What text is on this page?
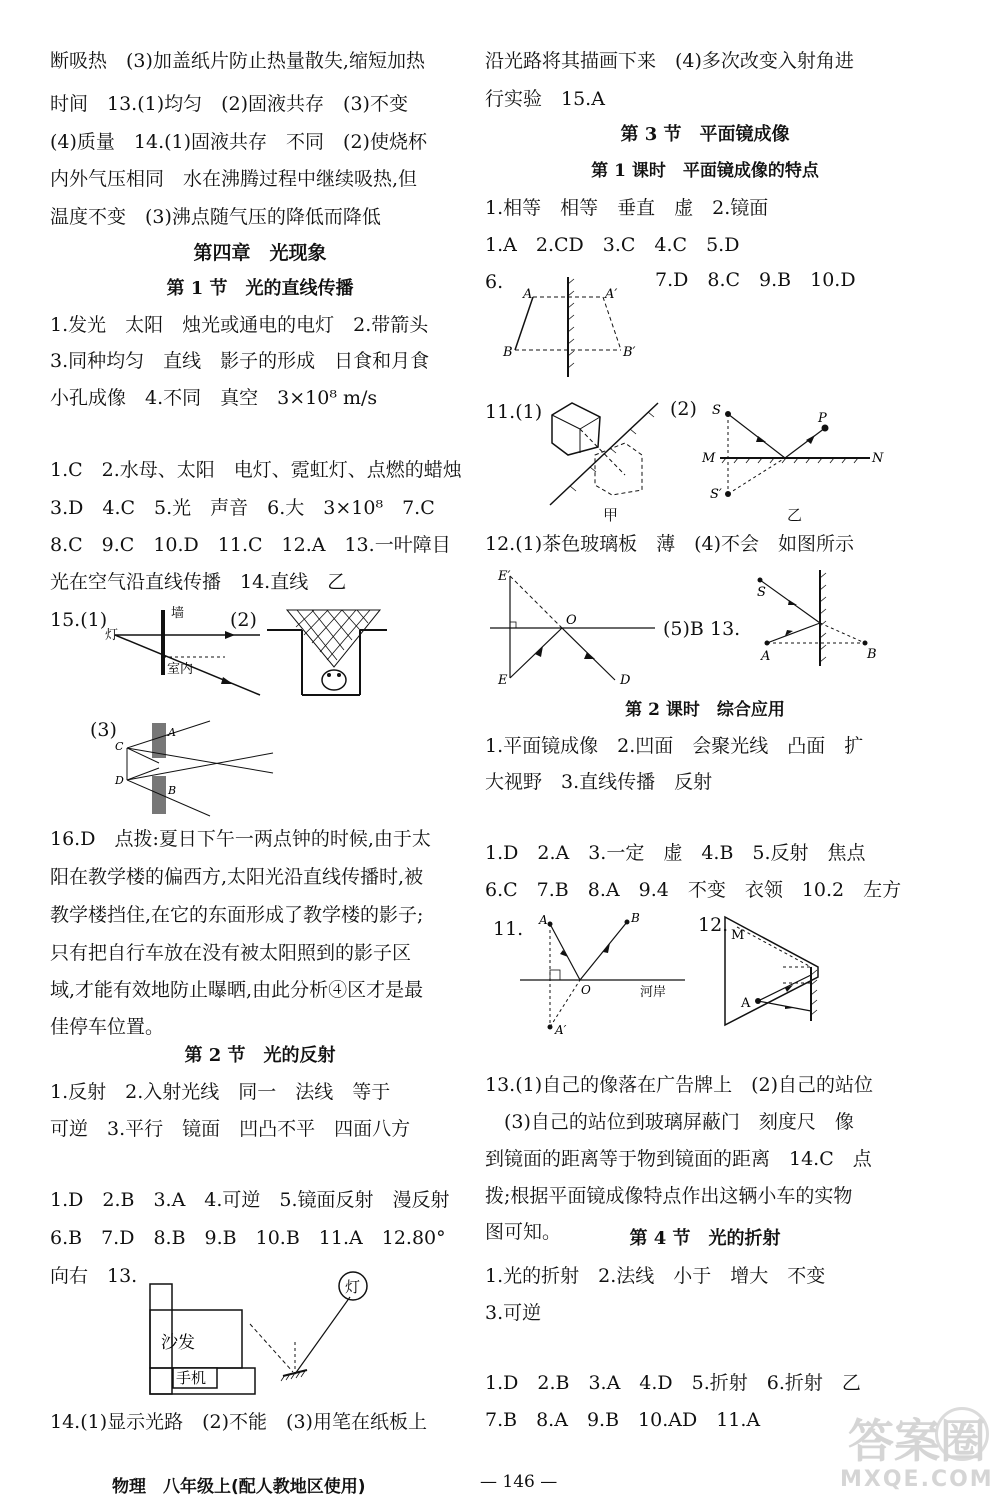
断吸热　(3)加盖纸片防止热量散失,缩短加热
时间　13.(1)均匀　(2)固液共存　(3)不变
(4)质量　14.(1)固液共存　不同　(2)使烧杯
内外气压相同　水在沸腾过程中继续吸热,但
温度不变　(3)沸点随气压的降低而降低
第四章　光现象
第 1 节　光的直线传播
1.发光　太阳　烛光或通电的电灯　2.带箭头
3.同种均匀　直线　影子的形成　日食和月食
小孔成像　4.不同　真空　3×10⁸ m/s
1.C　2.水母、太阳　电灯、霓虹灯、点燃的蜡烛
3.D　4.C　5.光　声音　6.大　3×10⁸　7.C
8.C　9.C　10.D　11.C　12.A　13.一叶障目
光在空气沿直线传播　14.直线　乙
15.(1)	墙
灯
室内
(2)
(3)
C
A
D
B
16.D　点拨:夏日下午一两点钟的时候,由于太
阳在教学楼的偏西方,太阳光沿直线传播时,被
教学楼挡住,在它的东面形成了教学楼的影子;
只有把自行车放在没有被太阳照到的影子区
域,才能有效地防止曝晒,由此分析④区才是最
佳停车位置。
第 2 节　光的反射
1.反射　2.入射光线　同一　法线　等于
可逆　3.平行　镜面　凹凸不平　四面八方
1.D　2.B　3.A　4.可逆　5.镜面反射　漫反射
6.B　7.D　8.B　9.B　10.B　11.A　12.80°
向右　13.
沙发
手机
灯
14.(1)显示光路　(2)不能　(3)用笔在纸板上
沿光路将其描画下来　(4)多次改变入射角进
行实验　15.A
第 3 节　平面镜成像
第 1 课时　平面镜成像的特点
1.相等　相等　垂直　虚　2.镜面
1.A　2.CD　3.C　4.C　5.D
6.
A	A′
B	B′
7.D　8.C　9.B　10.D
11.(1)
甲
(2) S
P
M	N
S′
乙
12.(1)茶色玻璃板　薄　(4)不会　如图所示
E′
O
E	D
(5)B 13.
S
A	B
第 2 课时　综合应用
1.平面镜成像　2.凹面　会聚光线　凸面　扩
大视野　3.直线传播　反射
1.D　2.A　3.一定　虚　4.B　5.反射　焦点
6.C　7.B　8.A　9.4　不变　衣领　10.2　左方
11. A	B
O
A′
河岸
12. M
A
13.(1)自己的像落在广告牌上　(2)自己的站位
　(3)自己的站位到玻璃屏蔽门　刻度尺　像
到镜面的距离等于物到镜面的距离　14.C　点
拨;根据平面镜成像特点作出这辆小车的实物
图可知。	第 4 节　光的折射
1.光的折射　2.法线　小于　增大　不变
3.可逆
1.D　2.B　3.A　4.D　5.折射　6.折射　乙
7.B　8.A　9.B　10.AD　11.A
物理　八年级上(配人教地区使用)	— 146 —
答案圈
MXQE.COM
